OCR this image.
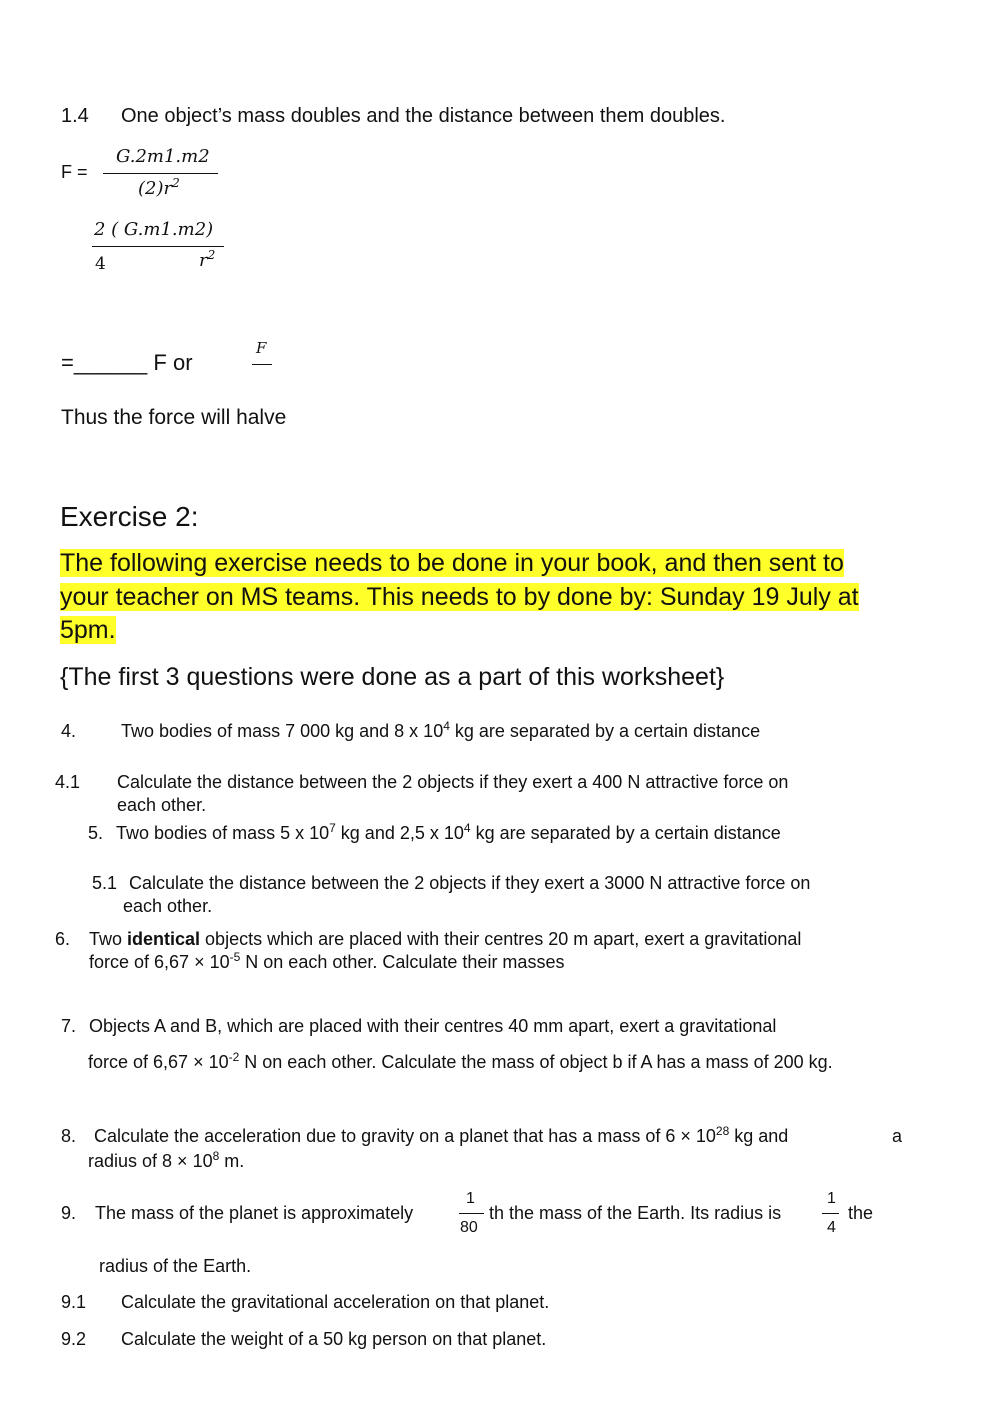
1.4 One object’s mass doubles and the distance between them doubles.
F =
G.2m1.m2
$(2)r^2$
2 ( G.m1.m2)
4	$r^2$
=______ F or
F
Thus the force will halve
Exercise 2:
The following exercise needs to be done in your book, and then sent to
your teacher on MS teams. This needs to by done by: Sunday 19 July at
5pm.
{The first 3 questions were done as a part of this worksheet}
4. Two bodies of mass 7 000 kg and 8 x $10^4$ kg are separated by a certain distance
4.1 Calculate the distance between the 2 objects if they exert a 400 N attractive force on
each other.
5. Two bodies of mass 5 x $10^7$ kg and 2,5 x $10^4$ kg are separated by a certain distance
5.1 Calculate the distance between the 2 objects if they exert a 3000 N attractive force on
each other.
6. Two identical objects which are placed with their centres 20 m apart, exert a gravitational
force of $6,67 \times 10^{-5}$ N on each other. Calculate their masses
7. Objects A and B, which are placed with their centres 40 mm apart, exert a gravitational
force of $6,67 \times 10^{-2}$ N on each other. Calculate the mass of object b if A has a mass of 200 kg.
8. Calculate the acceleration due to gravity on a planet that has a mass of $6 \times 10^{28}$ kg and	a
radius of $8 \times 10^8$ m.
9. The mass of the planet is approximately
1
80
th the mass of the Earth. Its radius is
1
4
the
radius of the Earth.
9.1 Calculate the gravitational acceleration on that planet.
9.2 Calculate the weight of a 50 kg person on that planet.
